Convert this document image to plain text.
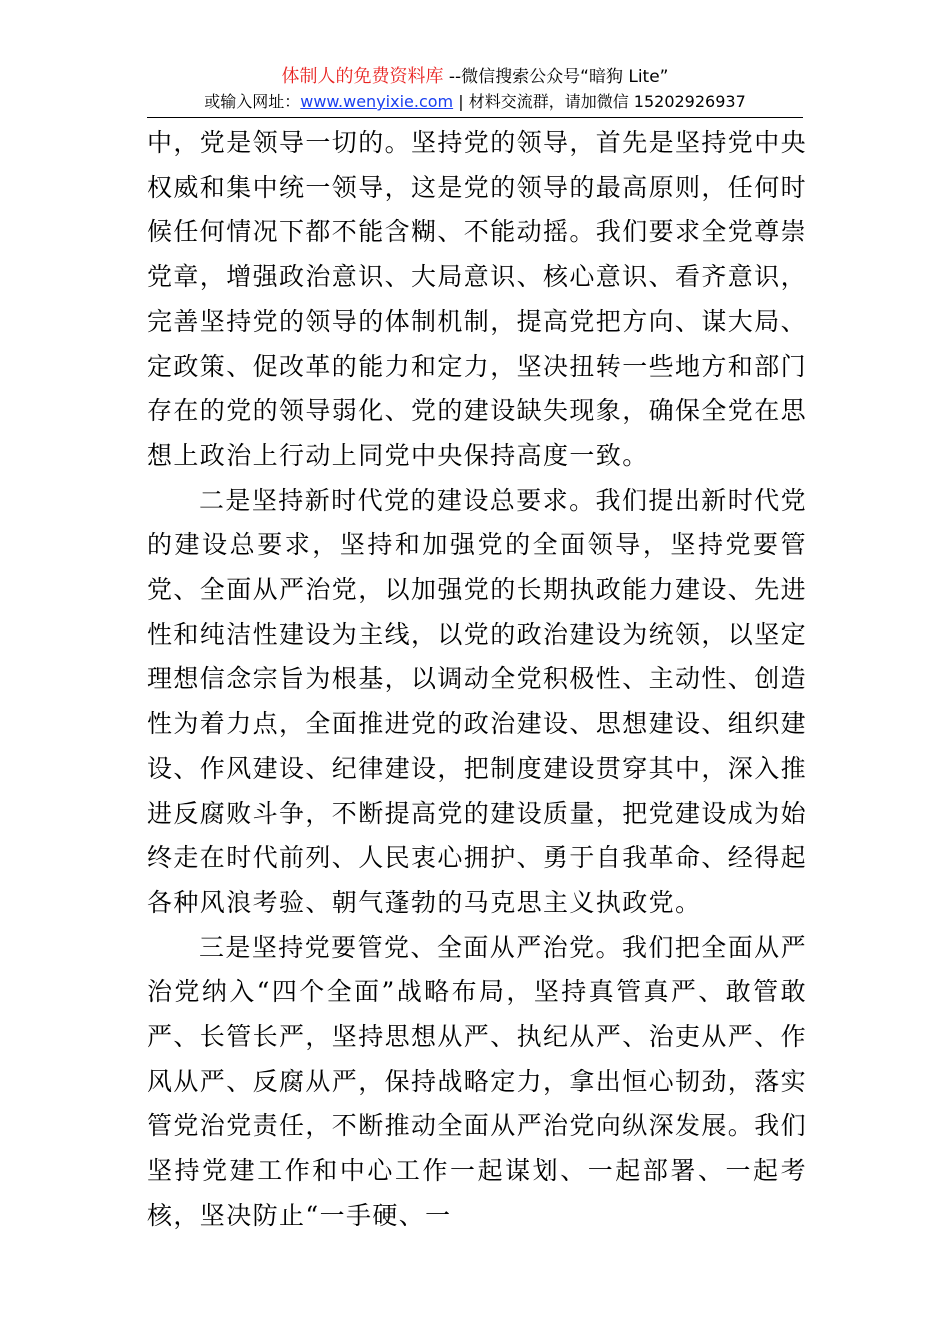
体制人的免费资料库 --微信搜索公众号“暗狗 Lite”
或输入网址：www.wenyixie.com | 材料交流群，请加微信 15202926937

中，党是领导一切的。坚持党的领导，首先是坚持党中央权威和集中统一领导，这是党的领导的最高原则，任何时候任何情况下都不能含糊、不能动摇。我们要求全党尊崇党章，增强政治意识、大局意识、核心意识、看齐意识，完善坚持党的领导的体制机制，提高党把方向、谋大局、定政策、促改革的能力和定力，坚决扭转一些地方和部门存在的党的领导弱化、党的建设缺失现象，确保全党在思想上政治上行动上同党中央保持高度一致。

二是坚持新时代党的建设总要求。我们提出新时代党的建设总要求，坚持和加强党的全面领导，坚持党要管党、全面从严治党，以加强党的长期执政能力建设、先进性和纯洁性建设为主线，以党的政治建设为统领，以坚定理想信念宗旨为根基，以调动全党积极性、主动性、创造性为着力点，全面推进党的政治建设、思想建设、组织建设、作风建设、纪律建设，把制度建设贯穿其中，深入推进反腐败斗争，不断提高党的建设质量，把党建设成为始终走在时代前列、人民衷心拥护、勇于自我革命、经得起各种风浪考验、朝气蓬勃的马克思主义执政党。

三是坚持党要管党、全面从严治党。我们把全面从严治党纳入“四个全面”战略布局，坚持真管真严、敢管敢严、长管长严，坚持思想从严、执纪从严、治吏从严、作风从严、反腐从严，保持战略定力，拿出恒心韧劲，落实管党治党责任，不断推动全面从严治党向纵深发展。我们坚持党建工作和中心工作一起谋划、一起部署、一起考核，坚决防止“一手硬、一
